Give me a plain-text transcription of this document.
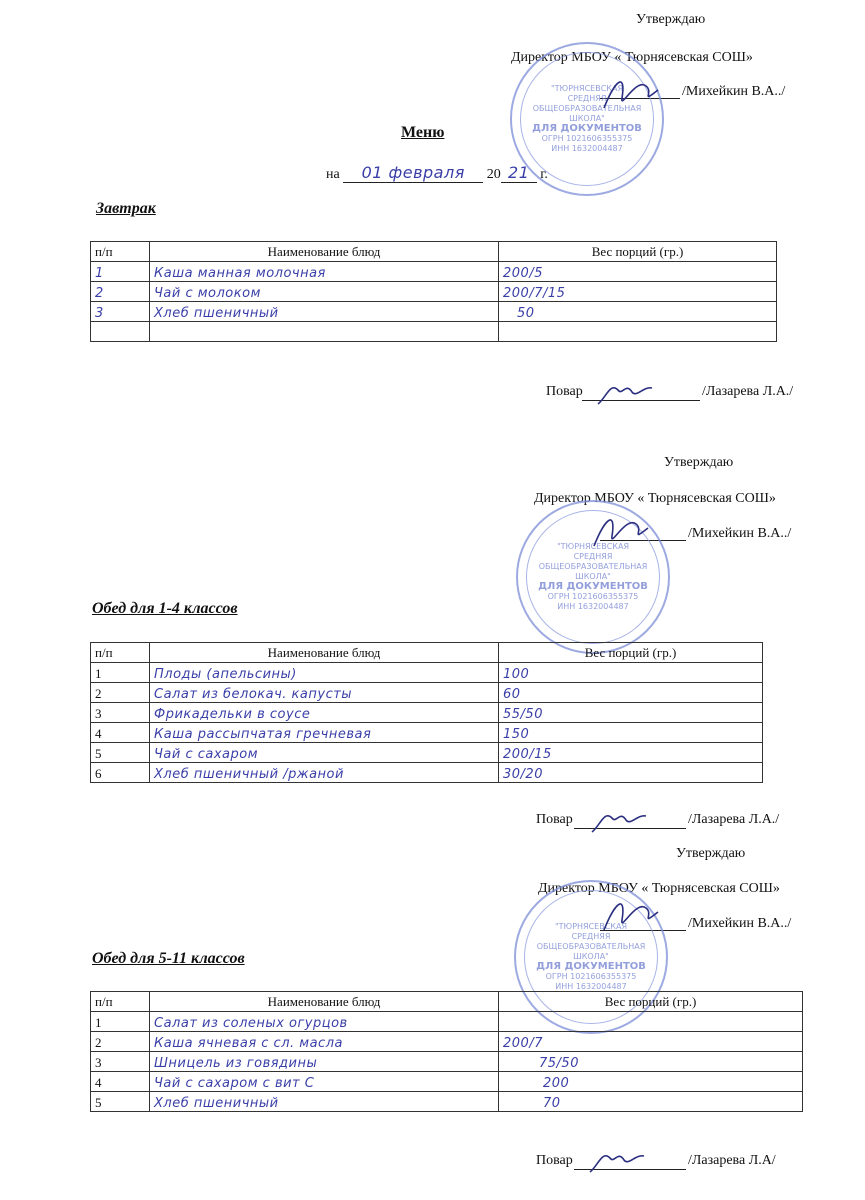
Утверждаю
Директор МБОУ « Тюрнясевская СОШ»
/Михейкин В.А../
"ТЮРНЯСЕВСКАЯ
СРЕДНЯЯ
ОБЩЕОБРАЗОВАТЕЛЬНАЯ
ШКОЛА"
ДЛЯ ДОКУМЕНТОВ
ОГРН 1021606355375
ИНН 1632004487
Меню
на 01 февраля 20 21 г.
Завтрак
п/п	Наименование блюд	Вес порций (гр.)
1	Каша манная молочная	200/5
2	Чай с молоком	200/7/15
3	Хлеб пшеничный	50

Повар	/Лазарева Л.А./
Утверждаю
Директор МБОУ « Тюрнясевская СОШ»
/Михейкин В.А../
"ТЮРНЯСЕВСКАЯ
СРЕДНЯЯ
ОБЩЕОБРАЗОВАТЕЛЬНАЯ
ШКОЛА"
ДЛЯ ДОКУМЕНТОВ
ОГРН 1021606355375
ИНН 1632004487
Обед для 1-4 классов
п/п	Наименование блюд	Вес порций (гр.)
1	Плоды (апельсины)	100
2	Салат из белокач. капусты	60
3	Фрикадельки в соусе	55/50
4	Каша рассыпчатая гречневая	150
5	Чай с сахаром	200/15
6	Хлеб пшеничный /ржаной	30/20
Повар	/Лазарева Л.А./
Утверждаю
Директор МБОУ « Тюрнясевская СОШ»
/Михейкин В.А../
"ТЮРНЯСЕВСКАЯ
СРЕДНЯЯ
ОБЩЕОБРАЗОВАТЕЛЬНАЯ
ШКОЛА"
ДЛЯ ДОКУМЕНТОВ
ОГРН 1021606355375
ИНН 1632004487
Обед для 5-11 классов
п/п	Наименование блюд	Вес порций (гр.)
1	Салат из соленых огурцов	
2	Каша ячневая с сл. масла	200/7
3	Шницель из говядины	75/50
4	Чай с сахаром с вит С	200
5	Хлеб пшеничный	70
Повар	/Лазарева Л.А/
